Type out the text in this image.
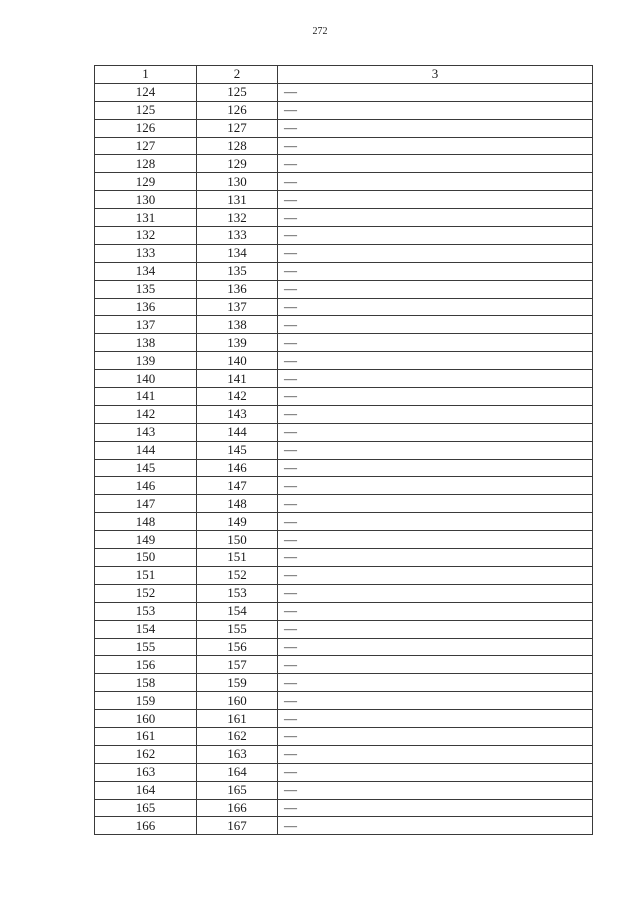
272
1	2	3
124	125	—
125	126	—
126	127	—
127	128	—
128	129	—
129	130	—
130	131	—
131	132	—
132	133	—
133	134	—
134	135	—
135	136	—
136	137	—
137	138	—
138	139	—
139	140	—
140	141	—
141	142	—
142	143	—
143	144	—
144	145	—
145	146	—
146	147	—
147	148	—
148	149	—
149	150	—
150	151	—
151	152	—
152	153	—
153	154	—
154	155	—
155	156	—
156	157	—
158	159	—
159	160	—
160	161	—
161	162	—
162	163	—
163	164	—
164	165	—
165	166	—
166	167	—
